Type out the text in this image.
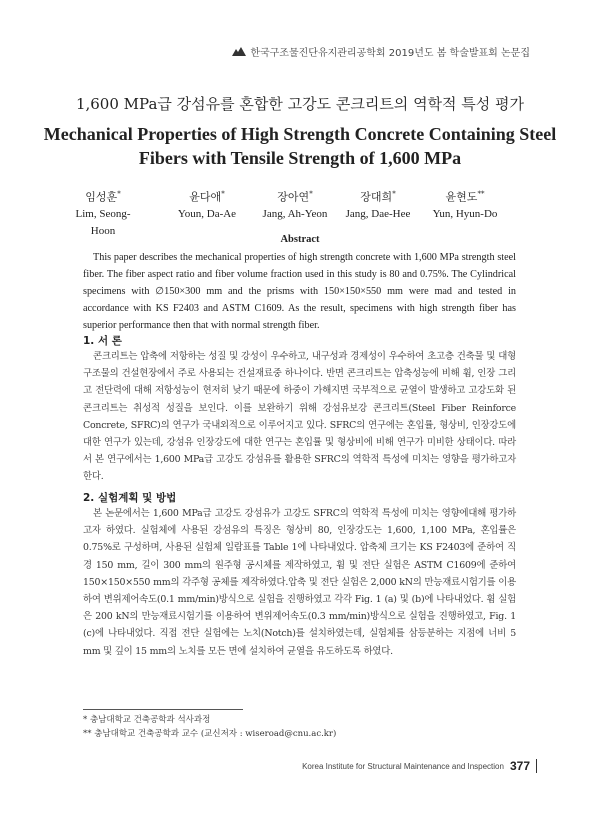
한국구조물진단유지관리공학회 2019년도 봄 학술발표회 논문집
1,600 MPa급 강섬유를 혼합한 고강도 콘크리트의 역학적 특성 평가
Mechanical Properties of High Strength Concrete Containing Steel
Fibers with Tensile Strength of 1,600 MPa
임성훈*
Lim, Seong-Hoon
윤다애*
Youn, Da-Ae
장아연*
Jang, Ah-Yeon
장대희*
Jang, Dae-Hee
윤현도**
Yun, Hyun-Do
Abstract
This paper describes the mechanical properties of high strength concrete with 1,600 MPa strength steel fiber. The fiber aspect ratio and fiber volume fraction used in this study is 80 and 0.75%. The Cylindrical specimens with ∅150×300 mm and the prisms with 150×150×550 mm were mad and tested in accordance with KS F2403 and ASTM C1609. As the result, specimens with high strength fiber has superior performance then that with normal strength fiber.
1. 서 론
콘크리트는 압축에 저항하는 성질 및 강성이 우수하고, 내구성과 경제성이 우수하여 초고층 건축물 및 대형구조물의 건설현장에서 주로 사용되는 건설재료중 하나이다. 반면 콘크리트는 압축성능에 비해 휨, 인장 그리고 전단력에 대해 저항성능이 현저히 낮기 때문에 하중이 가해지면 국부적으로 균열이 발생하고 고강도화 된 콘크리트는 취성적 성질을 보인다. 이를 보완하기 위해 강섬유보강 콘크리트(Steel Fiber Reinforce Concrete, SFRC)의 연구가 국내외적으로 이루어지고 있다. SFRC의 연구에는 혼입률, 형상비, 인장강도에 대한 연구가 있는데, 강섬유 인장강도에 대한 연구는 혼입률 및 형상비에 비해 연구가 미비한 상태이다. 따라서 본 연구에서는 1,600 MPa급 고강도 강섬유를 활용한 SFRC의 역학적 특성에 미치는 영향을 평가하고자 한다.
2. 실험계획 및 방법
본 논문에서는 1,600 MPa급 고강도 강섬유가 고강도 SFRC의 역학적 특성에 미치는 영향에대해 평가하고자 하였다. 실험체에 사용된 강섬유의 특징은 형상비 80, 인장강도는 1,600, 1,100 MPa, 혼입률은 0.75%로 구성하며, 사용된 실험체 일람표를 Table 1에 나타내었다. 압축체 크기는 KS F2403에 준하여 직경 150 mm, 길이 300 mm의 원주형 공시체를 제작하였고, 휨 및 전단 실험은 ASTM C1609에 준하여 150×150×550 mm의 각주형 공체를 제작하였다.압축 및 전단 실험은 2,000 kN의 만능재료시험기를 이용하여 변위제어속도(0.1 mm/min)방식으로 실험을 진행하였고 각각 Fig. 1 (a) 및 (b)에 나타내었다. 휨 실험은 200 kN의 만능재료시험기를 이용하여 변위제어속도(0.3 mm/min)방식으로 실험을 진행하였고, Fig. 1 (c)에 나타내었다. 직접 전단 실험에는 노치(Notch)를 설치하였는데, 실험체를 삼등분하는 지점에 너비 5 mm 및 깊이 15 mm의 노치를 모든 면에 설치하여 균열을 유도하도록 하였다.
* 충남대학교 건축공학과 석사과정
** 충남대학교 건축공학과 교수 (교신저자 : wiseroad@cnu.ac.kr)
Korea Institute for Structural Maintenance and Inspection 377
